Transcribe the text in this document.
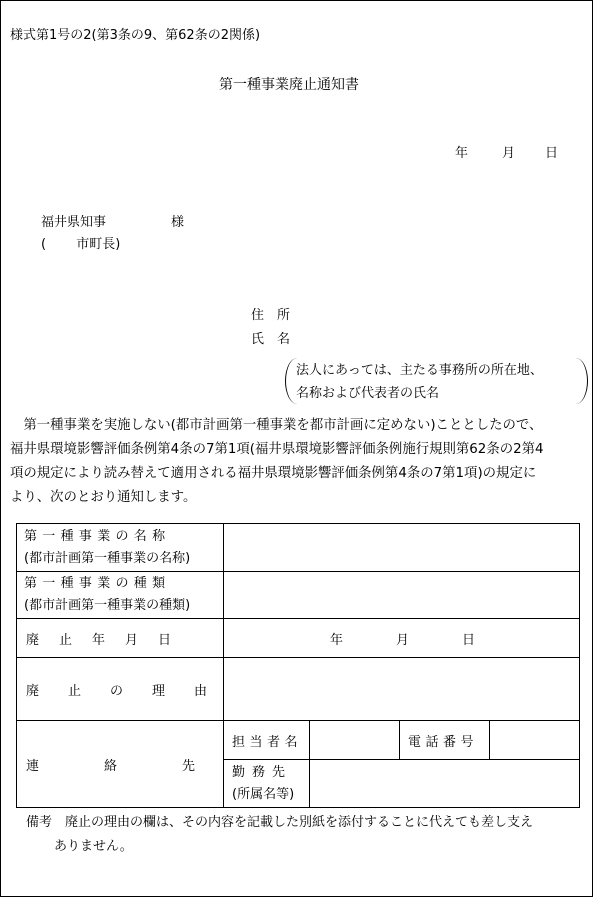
様式第1号の2(第3条の9、第62条の2関係)
第一種事業廃止通知書
年	月 日
福井県知事　　　　　様
(　　 市町長)
住　所
氏　名
法人にあっては、主たる事務所の所在地、
名称および代表者の氏名
　第一種事業を実施しない(都市計画第一種事業を都市計画に定めない)こととしたので、
福井県環境影響評価条例第4条の7第1項(福井県環境影響評価条例施行規則第62条の2第4
項の規定により読み替えて適用される福井県環境影響評価条例第4条の7第1項)の規定に
より、次のとおり通知します。
第一種事業の名称
(都市計画第一種事業の名称)				

第一種事業の種類
(都市計画第一種事業の種類)				

廃止年月日	年 月 日			

廃止の理由				

連絡先	担当者名		電話番号	

	勤務先
(所属名等)			

備考　廃止の理由の欄は、その内容を記載した別紙を添付することに代えても差し支え
ありません。
